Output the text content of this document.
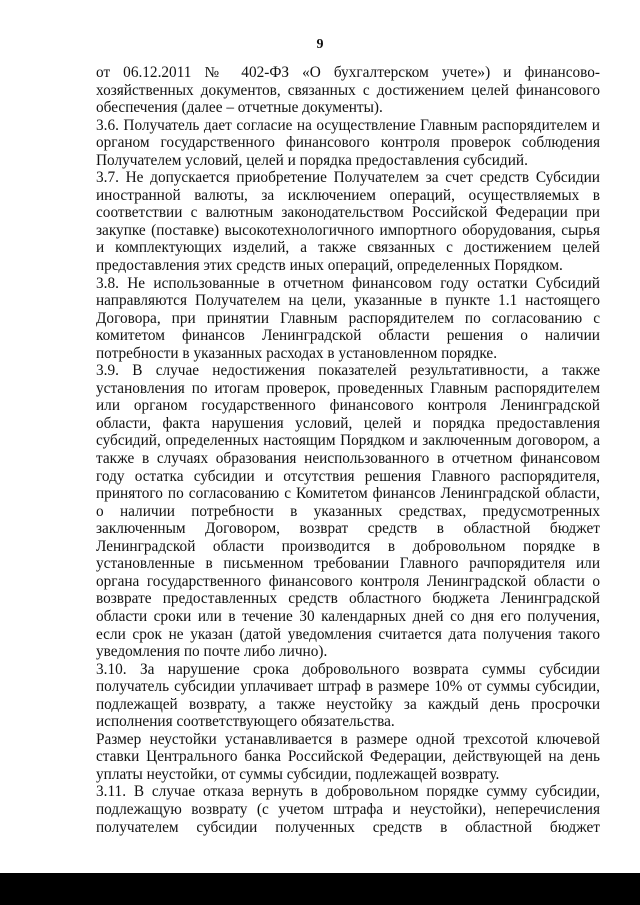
9

от 06.12.2011 № 402-ФЗ «О бухгалтерском учете») и финансово-хозяйственных документов, связанных с достижением целей финансового обеспечения (далее – отчетные документы).

3.6. Получатель дает согласие на осуществление Главным распорядителем и органом государственного финансового контроля проверок соблюдения Получателем условий, целей и порядка предоставления субсидий.

3.7. Не допускается приобретение Получателем за счет средств Субсидии иностранной валюты, за исключением операций, осуществляемых в соответствии с валютным законодательством Российской Федерации при закупке (поставке) высокотехнологичного импортного оборудования, сырья и комплектующих изделий, а также связанных с достижением целей предоставления этих средств иных операций, определенных Порядком.

3.8. Не использованные в отчетном финансовом году остатки Субсидий направляются Получателем на цели, указанные в пункте 1.1 настоящего Договора, при принятии Главным распорядителем по согласованию с комитетом финансов Ленинградской области решения о наличии потребности в указанных расходах в установленном порядке.

3.9. В случае недостижения показателей результативности, а также установления по итогам проверок, проведенных Главным распорядителем или органом государственного финансового контроля Ленинградской области, факта нарушения условий, целей и порядка предоставления субсидий, определенных настоящим Порядком и заключенным договором, а также в случаях образования неиспользованного в отчетном финансовом году остатка субсидии и отсутствия решения Главного распорядителя, принятого по согласованию с Комитетом финансов Ленинградской области, о наличии потребности в указанных средствах, предусмотренных заключенным Договором, возврат средств в областной бюджет Ленинградской области производится в добровольном порядке в установленные в письменном требовании Главного рачпорядителя или органа государственного финансового контроля Ленинградской области о возврате предоставленных средств областного бюджета Ленинградской области сроки или в течение 30 календарных дней со дня его получения, если срок не указан (датой уведомления считается дата получения такого уведомления по почте либо лично).

3.10. За нарушение срока добровольного возврата суммы субсидии получатель субсидии уплачивает штраф в размере 10% от суммы субсидии, подлежащей возврату, а также неустойку за каждый день просрочки исполнения соответствующего обязательства.

Размер неустойки устанавливается в размере одной трехсотой ключевой ставки Центрального банка Российской Федерации, действующей на день уплаты неустойки, от суммы субсидии, подлежащей возврату.

3.11. В случае отказа вернуть в добровольном порядке сумму субсидии, подлежащую возврату (с учетом штрафа и неустойки), неперечисления получателем субсидии полученных средств в областной бюджет
